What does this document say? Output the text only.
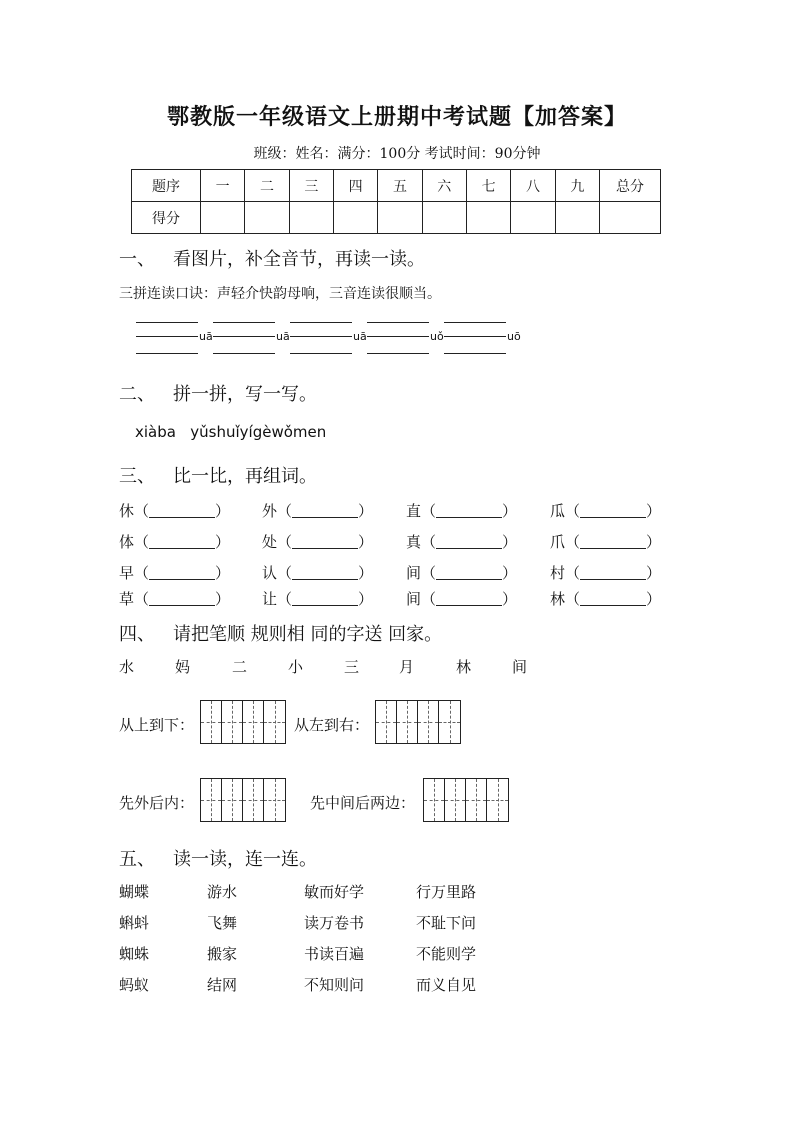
鄂教版一年级语文上册期中考试题【加答案】
班级：姓名：满分：100分 考试时间：90分钟
题序	一	二	三	四	五	六	七	八	九	总分
得分										
一、 看图片，补全音节，再读一读。
三拼连读口诀：声轻介快韵母响，三音连读很顺当。
uā	uā	uā	uǒ	uō
二、 拼一拼，写一写。
xiàba yǔshuǐyígèwǒmen
三、 比一比，再组词。
休（	） 外（	） 直（	） 瓜（	）
体（	） 处（	） 真（	） 爪（	）
早（	） 认（	） 间（	） 村（	）
草（	） 让（	） 间（	） 林（	）
四、 请把笔顺 规则相 同的字送 回家。
水	妈	二	小	三	月	林	间
从上到下：	从左到右：
先外后内：	先中间后两边：
五、 读一读，连一连。
蝴蝶	游水	敏而好学	行万里路
蝌蚪	飞舞	读万卷书	不耻下问
蜘蛛	搬家	书读百遍	不能则学
蚂蚁	结网	不知则问	而义自见
